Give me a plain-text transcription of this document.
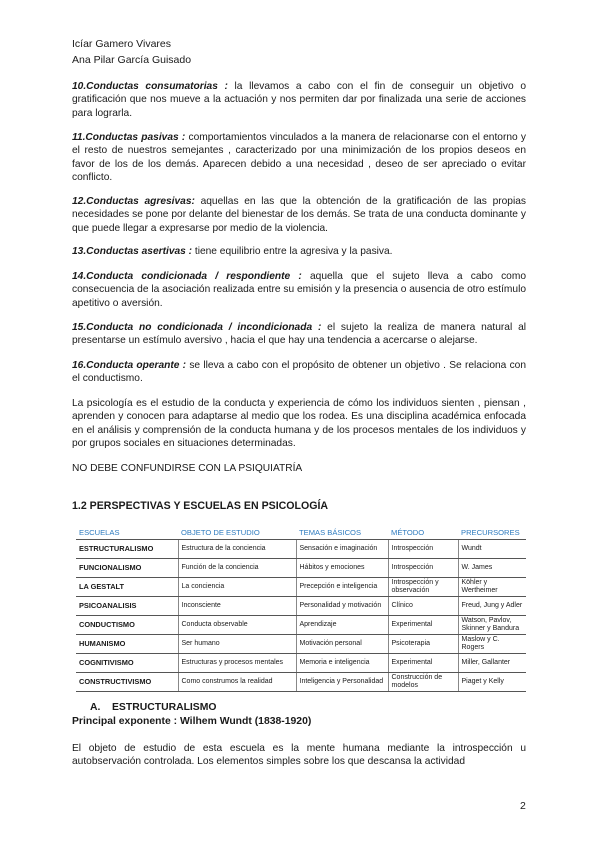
Icíar Gamero Vivares
Ana Pilar García Guisado

10.Conductas consumatorias : la llevamos a cabo con el fin de conseguir un objetivo o gratificación que nos mueve a la actuación y nos permiten dar por finalizada una serie de acciones para lograrla.

11.Conductas pasivas : comportamientos vinculados a la manera de relacionarse con el entorno y el resto de nuestros semejantes , caracterizado por una minimización de los propios deseos en favor de los de los demás. Aparecen debido a una necesidad , deseo de ser apreciado o evitar conflicto.

12.Conductas agresivas: aquellas en las que la obtención de la gratificación de las propias necesidades se pone por delante del bienestar de los demás. Se trata de una conducta dominante y que puede llegar a expresarse por medio de la violencia.

13.Conductas asertivas : tiene equilibrio entre la agresiva y la pasiva.

14.Conducta condicionada / respondiente : aquella que el sujeto lleva a cabo como consecuencia de la asociación realizada entre su emisión y la presencia o ausencia de otro estímulo apetitivo o aversión.

15.Conducta no condicionada / incondicionada : el sujeto la realiza de manera natural al presentarse un estímulo aversivo , hacia el que hay una tendencia a acercarse o alejarse.

16.Conducta operante : se lleva a cabo con el propósito de obtener un objetivo . Se relaciona con el conductismo.

La psicología es el estudio de la conducta y experiencia de cómo los individuos sienten , piensan , aprenden y conocen para adaptarse al medio que los rodea. Es una disciplina académica enfocada en el análisis y comprensión de la conducta humana y de los procesos mentales de los individuos y por grupos sociales en situaciones determinadas.

NO DEBE CONFUNDIRSE CON LA PSIQUIATRÍA

1.2 PERSPECTIVAS Y ESCUELAS EN PSICOLOGÍA
ESCUELAS	OBJETO DE ESTUDIO	TEMAS BÁSICOS	MÉTODO	PRECURSORES
ESTRUCTURALISMO	Estructura de la conciencia	Sensación e imaginación	Introspección	Wundt
FUNCIONALISMO	Función de la conciencia	Hábitos y emociones	Introspección	W. James
LA GESTALT	La conciencia	Precepción e inteligencia	Introspección y observación	Köhler y Wertheimer
PSICOANALISIS	Inconsciente	Personalidad y motivación	Clínico	Freud, Jung y Adler
CONDUCTISMO	Conducta observable	Aprendizaje	Experimental	Watson, Pavlov, Skinner y Bandura
HUMANISMO	Ser humano	Motivación personal	Psicoterapia	Maslow y C. Rogers
COGNITIVISMO	Estructuras y procesos mentales	Memoria e inteligencia	Experimental	Miller, Gallanter
CONSTRUCTIVISMO	Como construmos la realidad	Inteligencia y Personalidad	Construcción de modelos	Piaget y Kelly
A. ESTRUCTURALISMO
Principal exponente : Wilhem Wundt (1838-1920)

El objeto de estudio de esta escuela es la mente humana mediante la introspección u autobservación controlada. Los elementos simples sobre los que descansa la actividad

2
